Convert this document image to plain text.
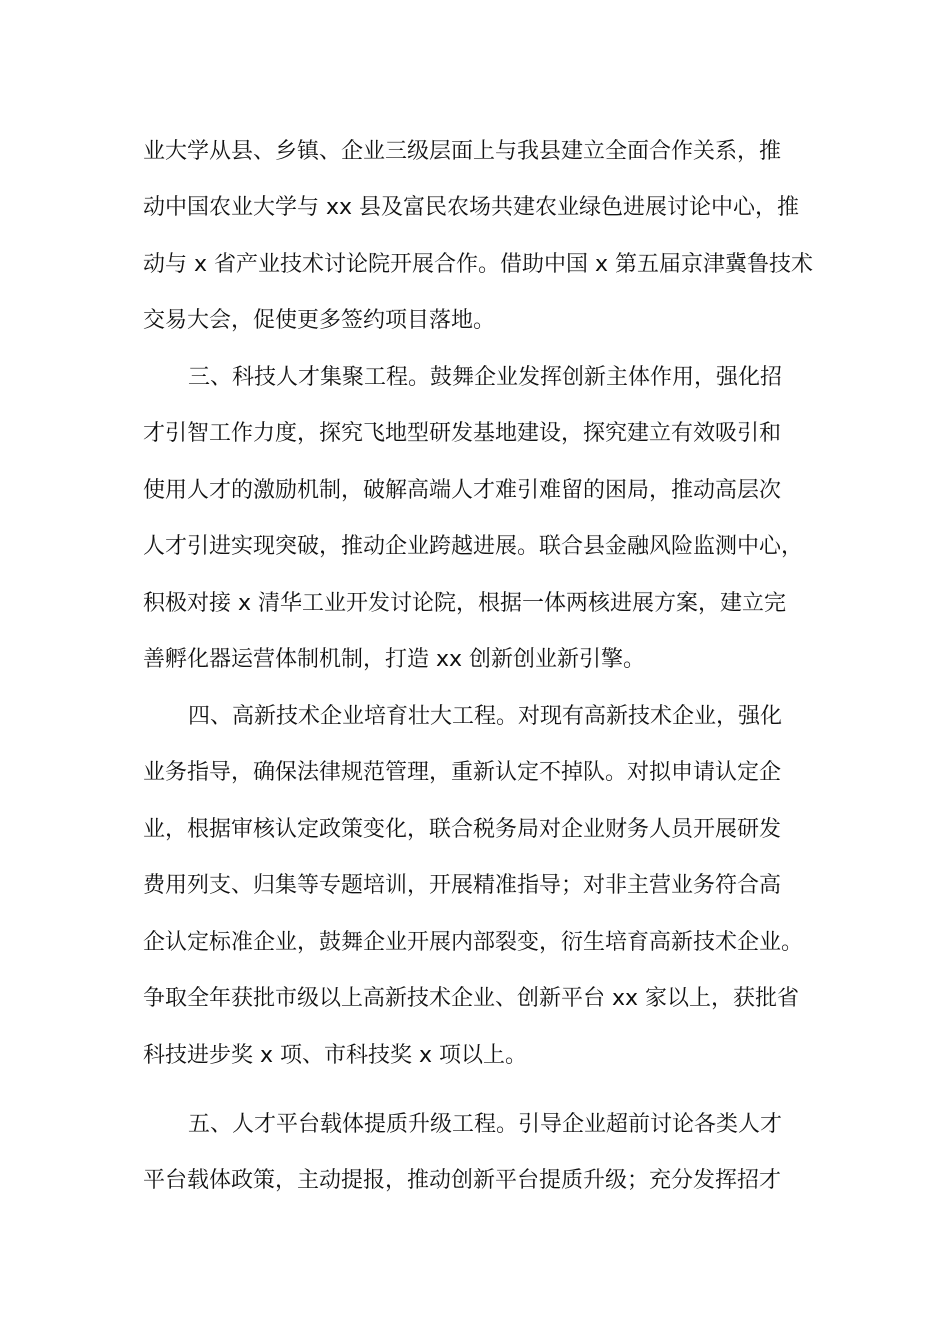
业大学从县、乡镇、企业三级层面上与我县建立全面合作关系，推
动中国农业大学与 xx 县及富民农场共建农业绿色进展讨论中心，推
动与 x 省产业技术讨论院开展合作。借助中国 x 第五届京津冀鲁技术
交易大会，促使更多签约项目落地。
三、科技人才集聚工程。鼓舞企业发挥创新主体作用，强化招
才引智工作力度，探究飞地型研发基地建设，探究建立有效吸引和
使用人才的激励机制，破解高端人才难引难留的困局，推动高层次
人才引进实现突破，推动企业跨越进展。联合县金融风险监测中心，
积极对接 x 清华工业开发讨论院，根据一体两核进展方案，建立完
善孵化器运营体制机制，打造 xx 创新创业新引擎。
四、高新技术企业培育壮大工程。对现有高新技术企业，强化
业务指导，确保法律规范管理，重新认定不掉队。对拟申请认定企
业，根据审核认定政策变化，联合税务局对企业财务人员开展研发
费用列支、归集等专题培训，开展精准指导；对非主营业务符合高
企认定标准企业，鼓舞企业开展内部裂变，衍生培育高新技术企业。
争取全年获批市级以上高新技术企业、创新平台 xx 家以上，获批省
科技进步奖 x 项、市科技奖 x 项以上。
五、人才平台载体提质升级工程。引导企业超前讨论各类人才
平台载体政策，主动提报，推动创新平台提质升级；充分发挥招才
